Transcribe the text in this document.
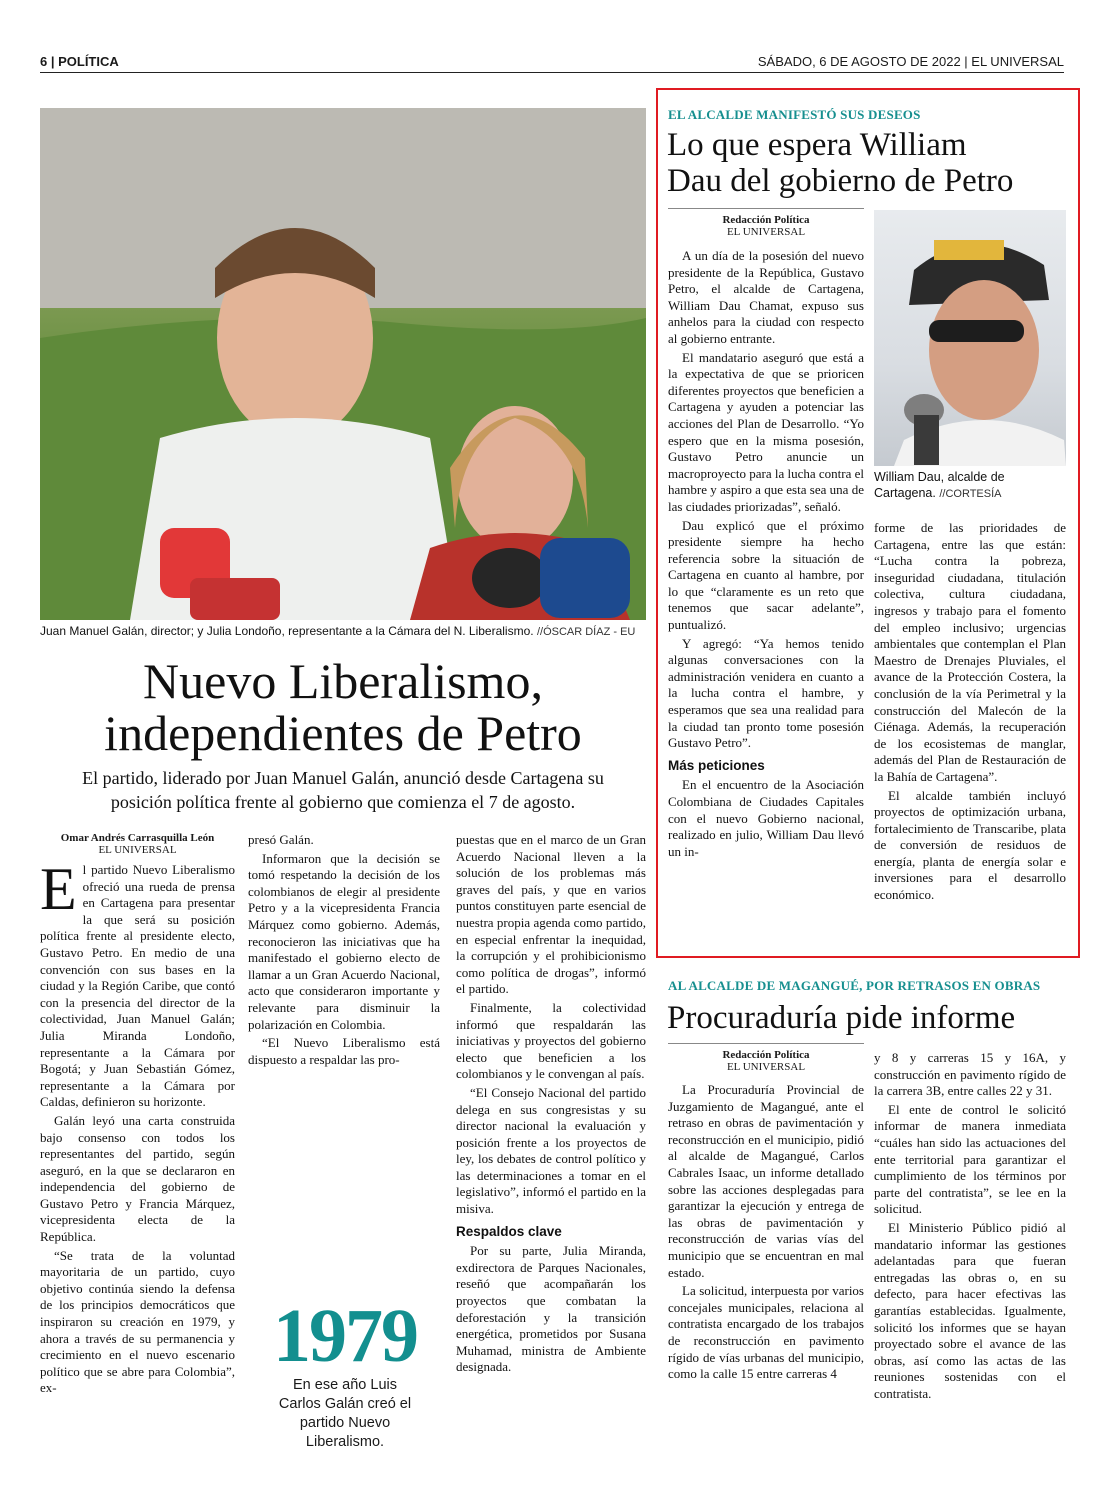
6 | POLÍTICA	SÁBADO, 6 DE AGOSTO DE 2022 | EL UNIVERSAL
Juan Manuel Galán, director; y Julia Londoño, representante a la Cámara del N. Liberalismo. //ÓSCAR DÍAZ - EU
Nuevo Liberalismo,
independientes de Petro
El partido, liderado por Juan Manuel Galán, anunció desde Cartagena su
posición política frente al gobierno que comienza el 7 de agosto.
Omar Andrés Carrasquilla León
EL UNIVERSAL

El partido Nuevo Liberalismo ofreció una rueda de prensa en Cartagena para presentar la que será su posición política frente al presidente electo, Gustavo Petro. En medio de una convención con sus bases en la ciudad y la Región Caribe, que contó con la presencia del director de la colectividad, Juan Manuel Galán; Julia Miranda Londoño, representante a la Cámara por Bogotá; y Juan Sebastián Gómez, representante a la Cámara por Caldas, definieron su horizonte.

Galán leyó una carta construida bajo consenso con todos los representantes del partido, según aseguró, en la que se declararon en independencia del gobierno de Gustavo Petro y Francia Márquez, vicepresidenta electa de la República.

“Se trata de la voluntad mayoritaria de un partido, cuyo objetivo continúa siendo la defensa de los principios democráticos que inspiraron su creación en 1979, y ahora a través de su permanencia y crecimiento en el nuevo escenario político que se abre para Colombia”, ex-

presó Galán.

Informaron que la decisión se tomó respetando la decisión de los colombianos de elegir al presidente Petro y a la vicepresidenta Francia Márquez como gobierno. Además, reconocieron las iniciativas que ha manifestado el gobierno electo de llamar a un Gran Acuerdo Nacional, acto que consideraron importante y relevante para disminuir la polarización en Colombia.

“El Nuevo Liberalismo está dispuesto a respaldar las pro-

1979
En ese año Luis Carlos Galán creó el partido Nuevo Liberalismo.

puestas que en el marco de un Gran Acuerdo Nacional lleven a la solución de los problemas más graves del país, y que en varios puntos constituyen parte esencial de nuestra propia agenda como partido, en especial enfrentar la inequidad, la corrupción y el prohibicionismo como política de drogas”, informó el partido.

Finalmente, la colectividad informó que respaldarán las iniciativas y proyectos del gobierno electo que beneficien a los colombianos y le convengan al país.

“El Consejo Nacional del partido delega en sus congresistas y su director nacional la evaluación y posición frente a los proyectos de ley, los debates de control político y las determinaciones a tomar en el legislativo”, informó el partido en la misiva.

Respaldos clave

Por su parte, Julia Miranda, exdirectora de Parques Nacionales, reseñó que acompañarán los proyectos que combatan la deforestación y la transición energética, prometidos por Susana Muhamad, ministra de Ambiente designada.

EL ALCALDE MANIFESTÓ SUS DESEOS
Lo que espera William
Dau del gobierno de Petro
Redacción Política
EL UNIVERSAL
William Dau, alcalde de Cartagena. //CORTESÍA

A un día de la posesión del nuevo presidente de la República, Gustavo Petro, el alcalde de Cartagena, William Dau Chamat, expuso sus anhelos para la ciudad con respecto al gobierno entrante.

El mandatario aseguró que está a la expectativa de que se prioricen diferentes proyectos que beneficien a Cartagena y ayuden a potenciar las acciones del Plan de Desarrollo. “Yo espero que en la misma posesión, Gustavo Petro anuncie un macroproyecto para la lucha contra el hambre y aspiro a que esta sea una de las ciudades priorizadas”, señaló.

Dau explicó que el próximo presidente siempre ha hecho referencia sobre la situación de Cartagena en cuanto al hambre, por lo que “claramente es un reto que tenemos que sacar adelante”, puntualizó.

Y agregó: “Ya hemos tenido algunas conversaciones con la administración venidera en cuanto a la lucha contra el hambre, y esperamos que sea una realidad para la ciudad tan pronto tome posesión Gustavo Petro”.

Más peticiones

En el encuentro de la Asociación Colombiana de Ciudades Capitales con el nuevo Gobierno nacional, realizado en julio, William Dau llevó un in-

forme de las prioridades de Cartagena, entre las que están: “Lucha contra la pobreza, inseguridad ciudadana, titulación colectiva, cultura ciudadana, ingresos y trabajo para el fomento del empleo inclusivo; urgencias ambientales que contemplan el Plan Maestro de Drenajes Pluviales, el avance de la Protección Costera, la conclusión de la vía Perimetral y la construcción del Malecón de la Ciénaga. Además, la recuperación de los ecosistemas de manglar, además del Plan de Restauración de la Bahía de Cartagena”.

El alcalde también incluyó proyectos de optimización urbana, fortalecimiento de Transcaribe, plata de conversión de residuos de energía, planta de energía solar e inversiones para el desarrollo económico.

AL ALCALDE DE MAGANGUÉ, POR RETRASOS EN OBRAS
Procuraduría pide informe
Redacción Política
EL UNIVERSAL

La Procuraduría Provincial de Juzgamiento de Magangué, ante el retraso en obras de pavimentación y reconstrucción en el municipio, pidió al alcalde de Magangué, Carlos Cabrales Isaac, un informe detallado sobre las acciones desplegadas para garantizar la ejecución y entrega de las obras de pavimentación y reconstrucción de varias vías del municipio que se encuentran en mal estado.

La solicitud, interpuesta por varios concejales municipales, relaciona al contratista encargado de los trabajos de reconstrucción en pavimento rígido de vías urbanas del municipio, como la calle 15 entre carreras 4

y 8 y carreras 15 y 16A, y construcción en pavimento rígido de la carrera 3B, entre calles 22 y 31.

El ente de control le solicitó informar de manera inmediata “cuáles han sido las actuaciones del ente territorial para garantizar el cumplimiento de los términos por parte del contratista”, se lee en la solicitud.

El Ministerio Público pidió al mandatario informar las gestiones adelantadas para que fueran entregadas las obras o, en su defecto, para hacer efectivas las garantías establecidas. Igualmente, solicitó los informes que se hayan proyectado sobre el avance de las obras, así como las actas de las reuniones sostenidas con el contratista.
